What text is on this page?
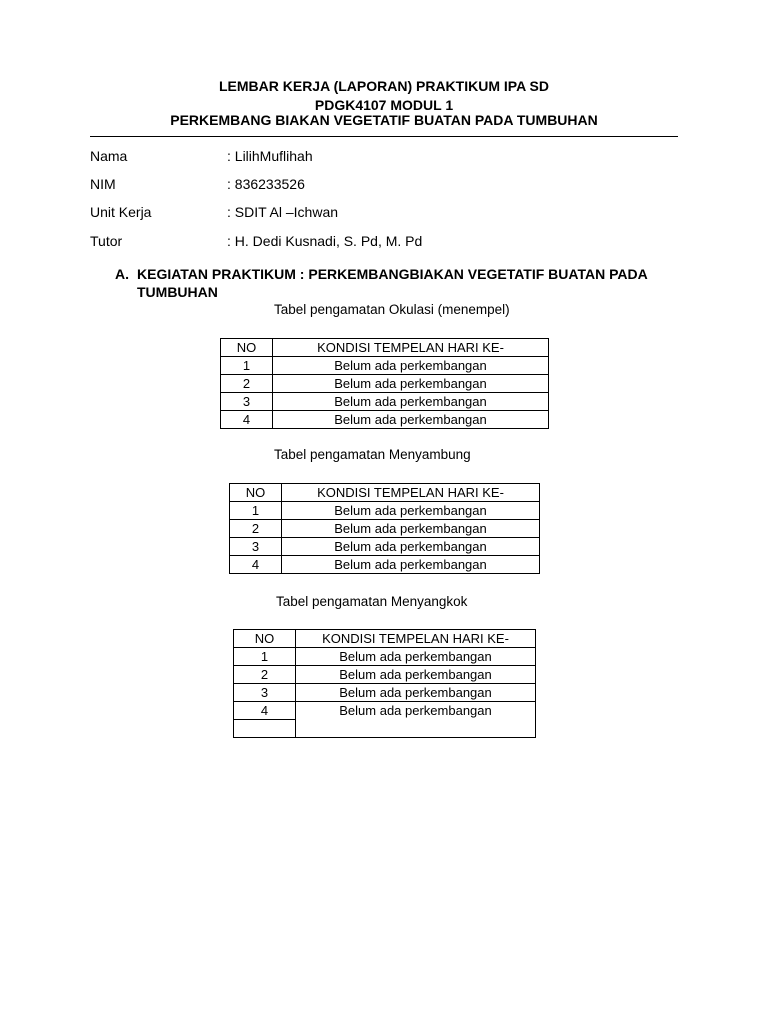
LEMBAR KERJA (LAPORAN) PRAKTIKUM IPA SD
PDGK4107 MODUL 1
PERKEMBANG BIAKAN VEGETATIF BUATAN PADA TUMBUHAN
Nama	: LilihMuflihah
NIM	: 836233526
Unit Kerja	: SDIT Al –Ichwan
Tutor	: H. Dedi Kusnadi, S. Pd, M. Pd
A. KEGIATAN PRAKTIKUM : PERKEMBANGBIAKAN VEGETATIF BUATAN PADA TUMBUHAN
Tabel pengamatan Okulasi (menempel)
NO	KONDISI TEMPELAN HARI KE-
1	Belum ada perkembangan
2	Belum ada perkembangan
3	Belum ada perkembangan
4	Belum ada perkembangan
Tabel pengamatan Menyambung
NO	KONDISI TEMPELAN HARI KE-
1	Belum ada perkembangan
2	Belum ada perkembangan
3	Belum ada perkembangan
4	Belum ada perkembangan
Tabel pengamatan Menyangkok
NO	KONDISI TEMPELAN HARI KE-
1	Belum ada perkembangan
2	Belum ada perkembangan
3	Belum ada perkembangan
4	Belum ada perkembangan
